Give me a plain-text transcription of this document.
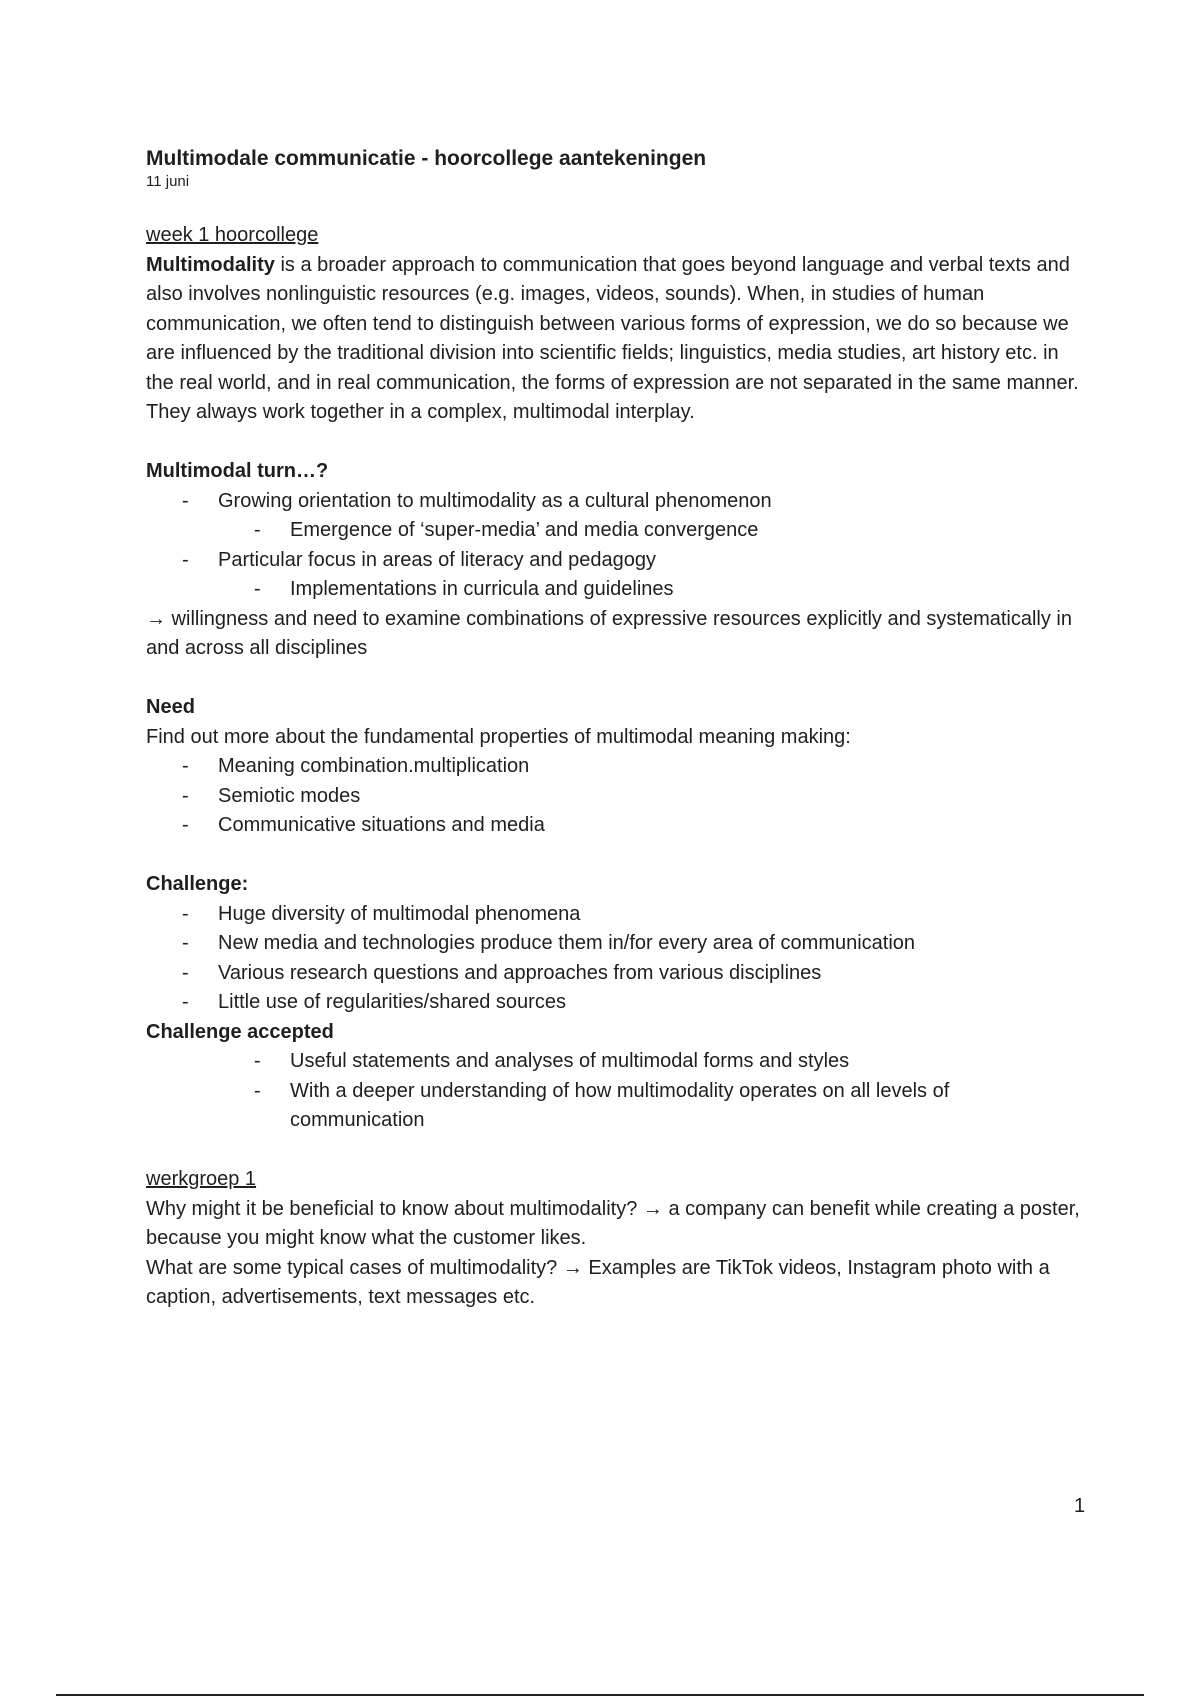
Multimodale communicatie - hoorcollege aantekeningen

11 juni

week 1 hoorcollege

Multimodality is a broader approach to communication that goes beyond language and verbal texts and also involves nonlinguistic resources (e.g. images, videos, sounds). When, in studies of human communication, we often tend to distinguish between various forms of expression, we do so because we are influenced by the traditional division into scientific fields; linguistics, media studies, art history etc. in the real world, and in real communication, the forms of expression are not separated in the same manner. They always work together in a complex, multimodal interplay.

Multimodal turn…?

- Growing orientation to multimodality as a cultural phenomenon
- Emergence of ‘super-media’ and media convergence
- Particular focus in areas of literacy and pedagogy
- Implementations in curricula and guidelines

→ willingness and need to examine combinations of expressive resources explicitly and systematically in and across all disciplines

Need

Find out more about the fundamental properties of multimodal meaning making:

- Meaning combination.multiplication
- Semiotic modes
- Communicative situations and media

Challenge:

- Huge diversity of multimodal phenomena
- New media and technologies produce them in/for every area of communication
- Various research questions and approaches from various disciplines
- Little use of regularities/shared sources

Challenge accepted

- Useful statements and analyses of multimodal forms and styles
- With a deeper understanding of how multimodality operates on all levels of communication

werkgroep 1

Why might it be beneficial to know about multimodality? → a company can benefit while creating a poster, because you might know what the customer likes.

What are some typical cases of multimodality? → Examples are TikTok videos, Instagram photo with a caption, advertisements, text messages etc.

1
